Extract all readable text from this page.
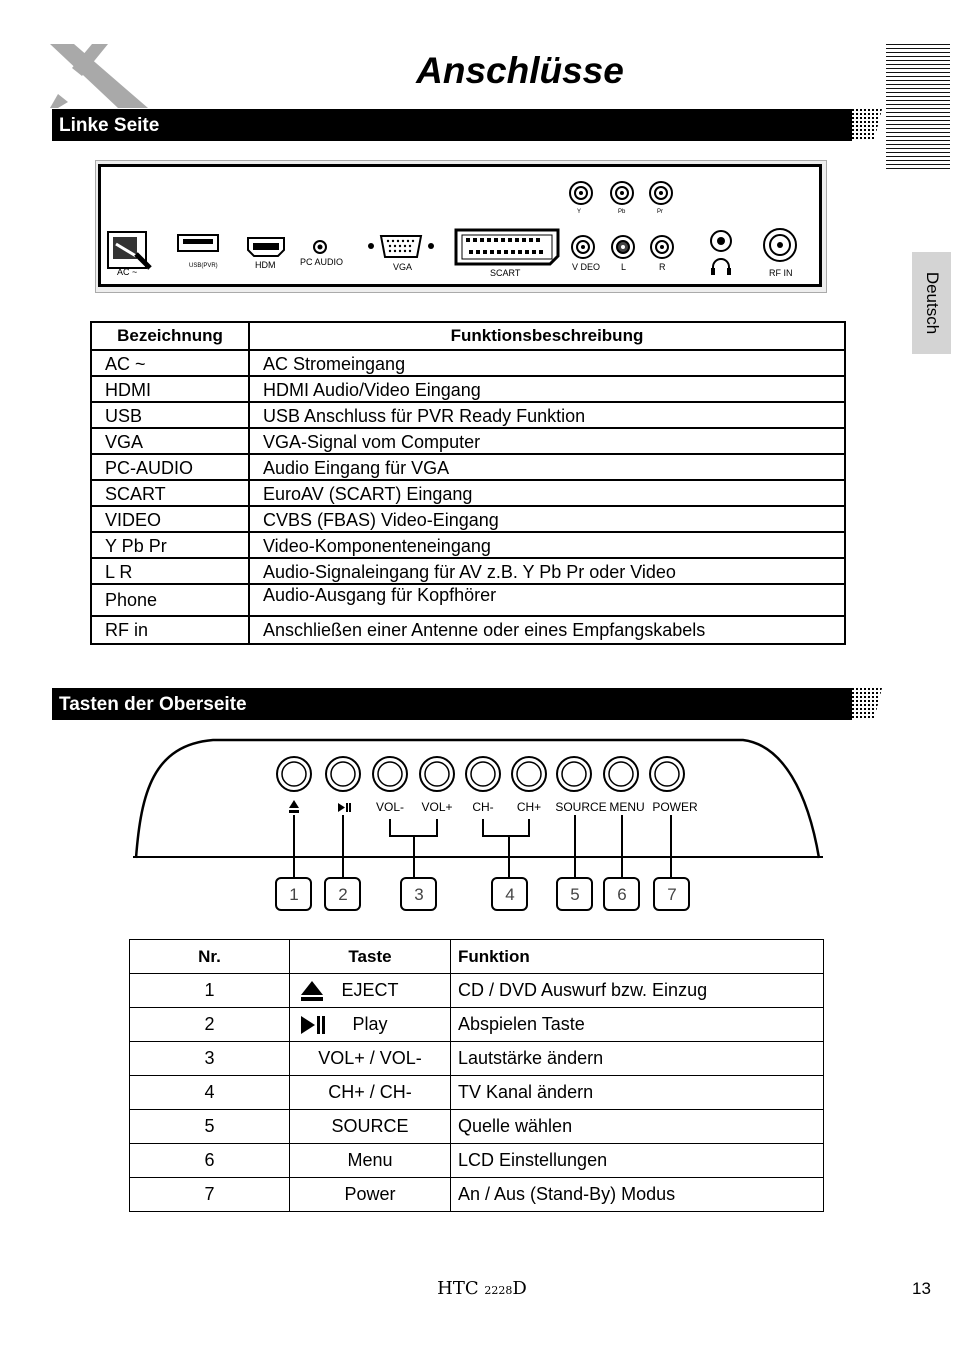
Anschlüsse
Deutsch
Linke Seite
AC ~
USB(PVR)	HDM	PC AUDIO	VGA
SCART
Y	Pb	Pr
V DEO L	R
RF IN
Bezeichnung	Funktionsbeschreibung
AC ~	AC Stromeingang
HDMI	HDMI Audio/Video Eingang
USB	USB Anschluss für PVR Ready Funktion
VGA	VGA-Signal vom Computer
PC-AUDIO	Audio Eingang für VGA
SCART	EuroAV (SCART) Eingang
VIDEO	CVBS (FBAS) Video-Eingang
Y Pb Pr	Video-Komponenteneingang
L R	Audio-Signaleingang für AV z.B. Y Pb Pr oder Video
Phone	Audio-Ausgang für Kopfhörer
RF in	Anschließen einer Antenne oder eines Empfangskabels
Tasten der Oberseite
VOL- VOL+ CH- CH+ SOURCE MENU POWER
1 2	3	4	5 6 7
Nr.	Taste	Funktion
1	EJECT	CD / DVD Auswurf bzw. Einzug
2	Play	Abspielen Taste
3	VOL+ / VOL-	Lautstärke ändern
4	CH+ / CH-	TV Kanal ändern
5	SOURCE	Quelle wählen
6	Menu	LCD Einstellungen
7	Power	An / Aus (Stand-By) Modus
HTC 2228D	13
